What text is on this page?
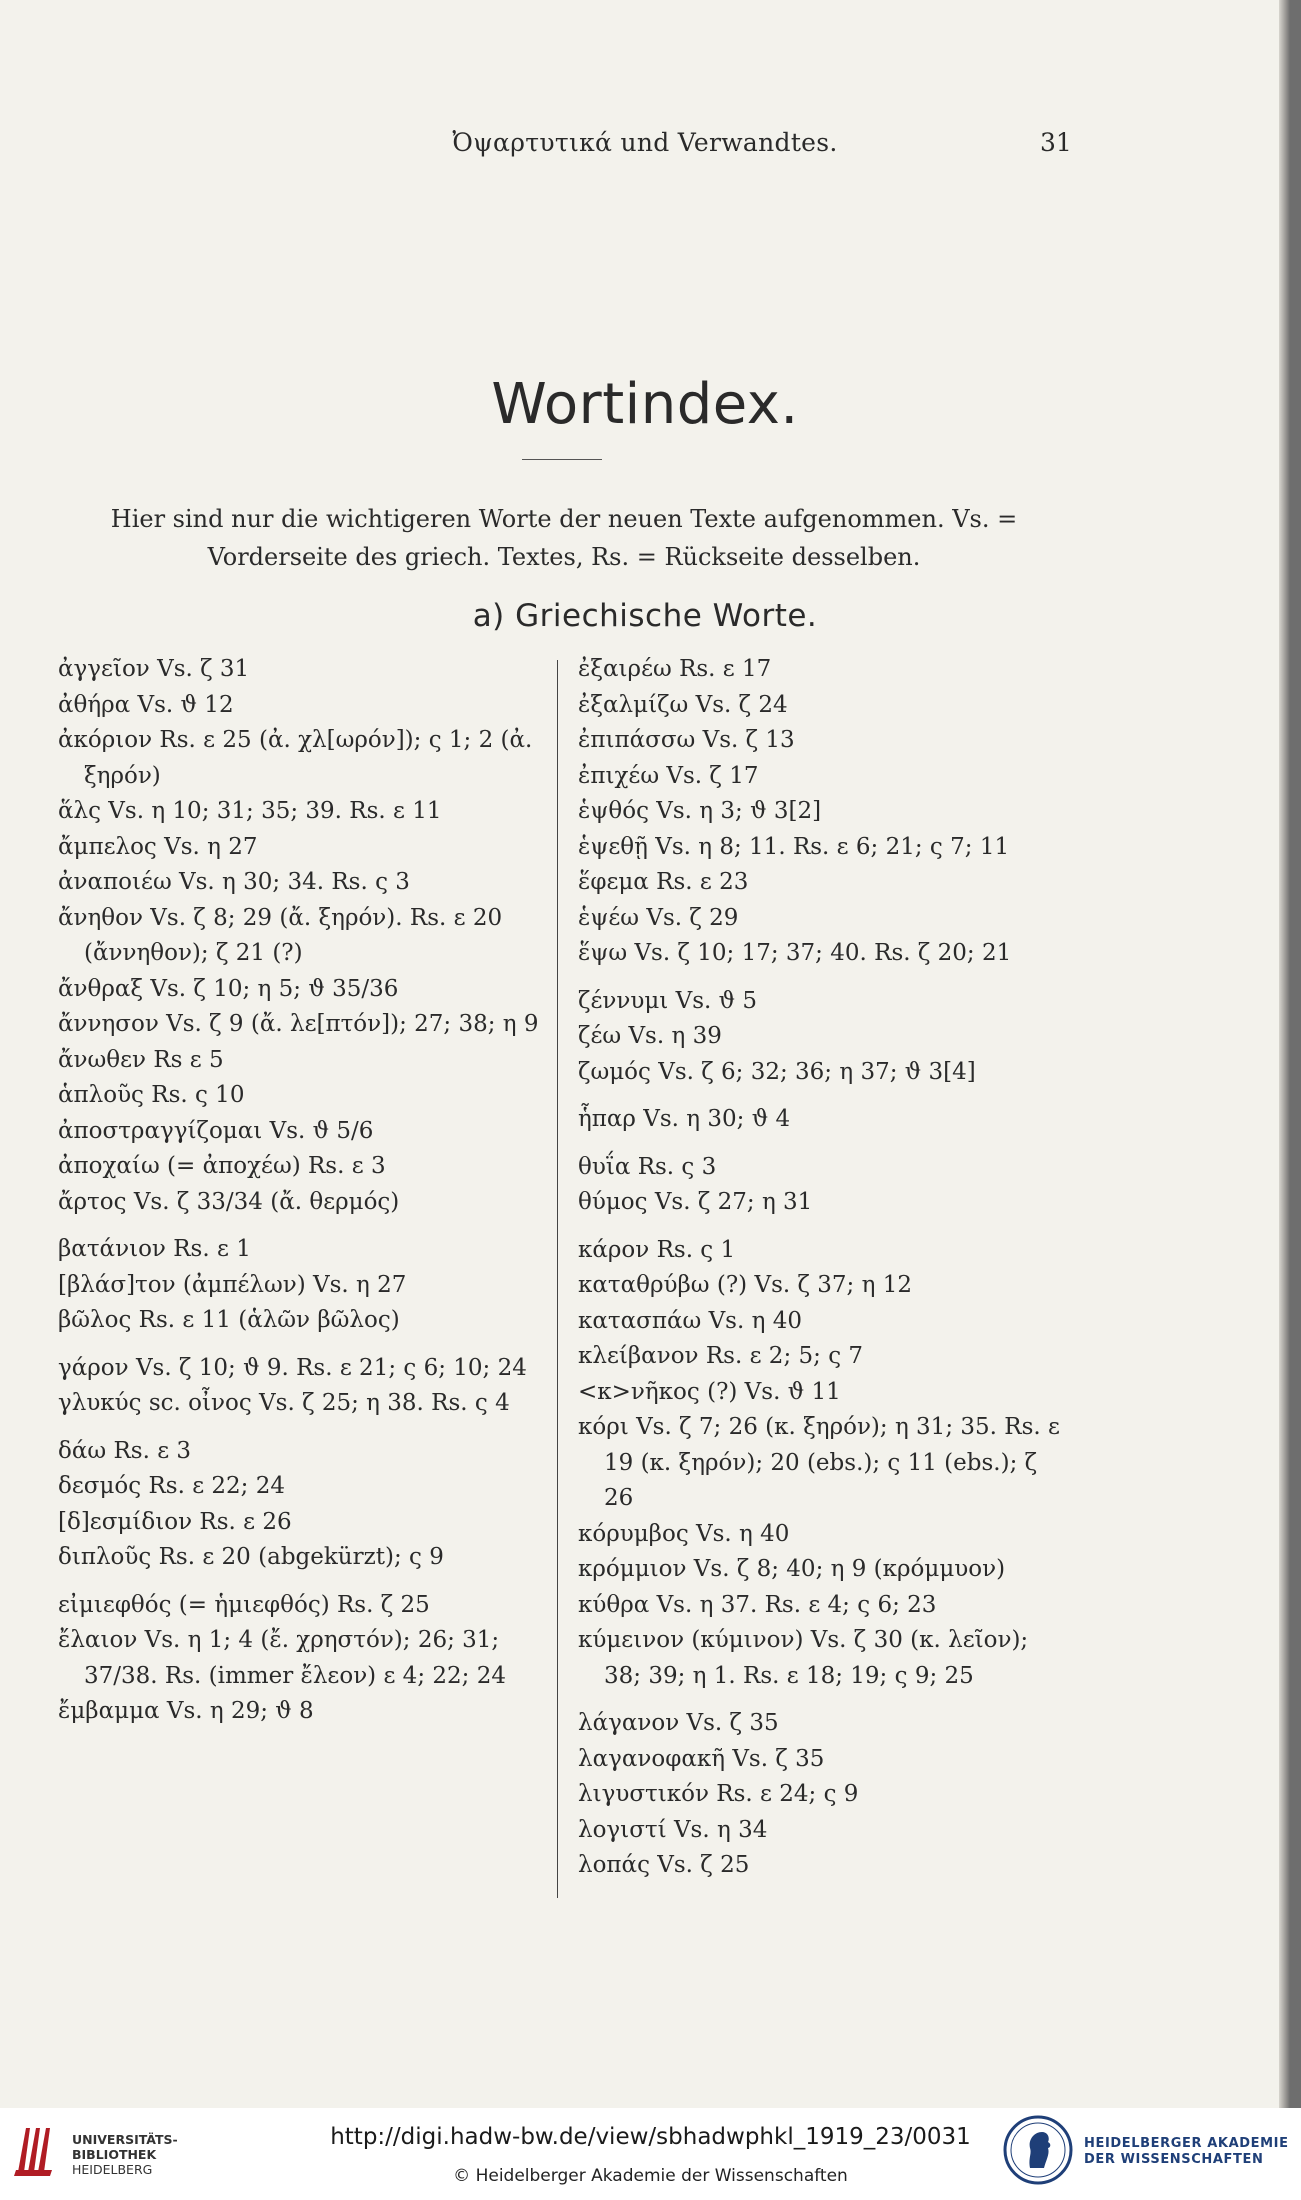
Ὀψαρτυτικά und Verwandtes.	31
Wortindex.
Hier sind nur die wichtigeren Worte der neuen Texte aufgenommen. Vs. = Vorderseite des griech. Textes, Rs. = Rückseite desselben.
a) Griechische Worte.
ἀγγεῖον Vs. ζ 31
ἀθήρα Vs. ϑ 12
ἀκόριον Rs. ε 25 (ἀ. χλ[ωρόν]); ς 1; 2 (ἀ. ξηρόν)
ἅλς Vs. η 10; 31; 35; 39. Rs. ε 11
ἄμπελος Vs. η 27
ἀναποιέω Vs. η 30; 34. Rs. ς 3
ἄνηθον Vs. ζ 8; 29 (ἄ. ξηρόν). Rs. ε 20 (ἄννηθον); ζ 21 (?)
ἄνθραξ Vs. ζ 10; η 5; ϑ 35/36
ἄννησον Vs. ζ 9 (ἄ. λε[πτόν]); 27; 38; η 9
ἄνωθεν Rs ε 5
ἁπλοῦς Rs. ς 10
ἀποστραγγίζομαι Vs. ϑ 5/6
ἀποχαίω (= ἀποχέω) Rs. ε 3
ἄρτος Vs. ζ 33/34 (ἄ. θερμός)
βατάνιον Rs. ε 1
[βλάσ]τον (ἀμπέλων) Vs. η 27
βῶλος Rs. ε 11 (ἁλῶν βῶλος)
γάρον Vs. ζ 10; ϑ 9. Rs. ε 21; ς 6; 10; 24
γλυκύς sc. οἶνος Vs. ζ 25; η 38. Rs. ς 4
δάω Rs. ε 3
δεσμός Rs. ε 22; 24
[δ]εσμίδιον Rs. ε 26
διπλοῦς Rs. ε 20 (abgekürzt); ς 9
εἰμιεφθός (= ἡμιεφθός) Rs. ζ 25
ἔλαιον Vs. η 1; 4 (ἔ. χρηστόν); 26; 31; 37/38. Rs. (immer ἔλεον) ε 4; 22; 24
ἔμβαμμα Vs. η 29; ϑ 8
ἐξαιρέω Rs. ε 17
ἐξαλμίζω Vs. ζ 24
ἐπιπάσσω Vs. ζ 13
ἐπιχέω Vs. ζ 17
ἑψθός Vs. η 3; ϑ 3[2]
ἑψεθῇ Vs. η 8; 11. Rs. ε 6; 21; ς 7; 11
ἕφεμα Rs. ε 23
ἑψέω Vs. ζ 29
ἕψω Vs. ζ 10; 17; 37; 40. Rs. ζ 20; 21
ζέννυμι Vs. ϑ 5
ζέω Vs. η 39
ζωμός Vs. ζ 6; 32; 36; η 37; ϑ 3[4]
ἧπαρ Vs. η 30; ϑ 4
θυΐα Rs. ς 3
θύμος Vs. ζ 27; η 31
κάρον Rs. ς 1
καταθρύβω (?) Vs. ζ 37; η 12
κατασπάω Vs. η 40
κλείβανον Rs. ε 2; 5; ς 7
<κ>νῆκος (?) Vs. ϑ 11
κόρι Vs. ζ 7; 26 (κ. ξηρόν); η 31; 35. Rs. ε 19 (κ. ξηρόν); 20 (ebs.); ς 11 (ebs.); ζ 26
κόρυμβος Vs. η 40
κρόμμιον Vs. ζ 8; 40; η 9 (κρόμμυον)
κύθρα Vs. η 37. Rs. ε 4; ς 6; 23
κύμεινον (κύμινον) Vs. ζ 30 (κ. λεῖον); 38; 39; η 1. Rs. ε 18; 19; ς 9; 25
λάγανον Vs. ζ 35
λαγανοφακῆ Vs. ζ 35
λιγυστικόν Rs. ε 24; ς 9
λογιστί Vs. η 34
λοπάς Vs. ζ 25
UNIVERSITÄTS-
BIBLIOTHEK
HEIDELBERG
http://digi.hadw-bw.de/view/sbhadwphkl_1919_23/0031
© Heidelberger Akademie der Wissenschaften
HEIDELBERGER AKADEMIE
DER WISSENSCHAFTEN
